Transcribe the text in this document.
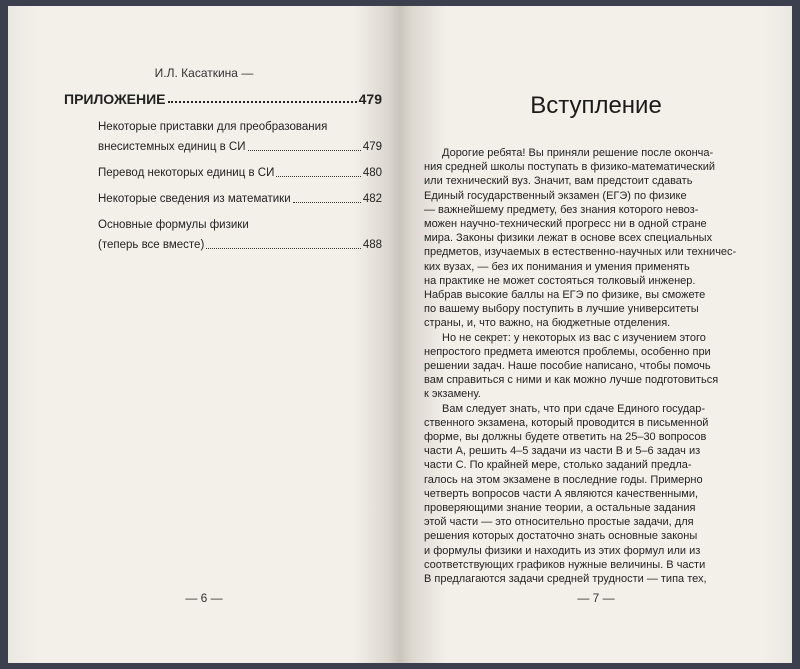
И.Л. Касаткина —
ПРИЛОЖЕНИЕ	479
Некоторые приставки для преобразования
внесистемных единиц в СИ	479
Перевод некоторых единиц в СИ	480
Некоторые сведения из математики	482
Основные формулы физики
(теперь все вместе)	488
— 6 —
Вступление
Дорогие ребята! Вы приняли решение после оконча-
ния средней школы поступать в физико-математический
или технический вуз. Значит, вам предстоит сдавать
Единый государственный экзамен (ЕГЭ) по физике
— важнейшему предмету, без знания которого невоз-
можен научно-технический прогресс ни в одной стране
мира. Законы физики лежат в основе всех специальных
предметов, изучаемых в естественно-научных или техничес-
ких вузах, — без их понимания и умения применять
на практике не может состояться толковый инженер.
Набрав высокие баллы на ЕГЭ по физике, вы сможете
по вашему выбору поступить в лучшие университеты
страны, и, что важно, на бюджетные отделения.
Но не секрет: у некоторых из вас с изучением этого
непростого предмета имеются проблемы, особенно при
решении задач. Наше пособие написано, чтобы помочь
вам справиться с ними и как можно лучше подготовиться
к экзамену.
Вам следует знать, что при сдаче Единого государ-
ственного экзамена, который проводится в письменной
форме, вы должны будете ответить на 25–30 вопросов
части А, решить 4–5 задачи из части В и 5–6 задач из
части С. По крайней мере, столько заданий предла-
галось на этом экзамене в последние годы. Примерно
четверть вопросов части А являются качественными,
проверяющими знание теории, а остальные задания
этой части — это относительно простые задачи, для
решения которых достаточно знать основные законы
и формулы физики и находить из этих формул или из
соответствующих графиков нужные величины. В части
В предлагаются задачи средней трудности — типа тех,
— 7 —
